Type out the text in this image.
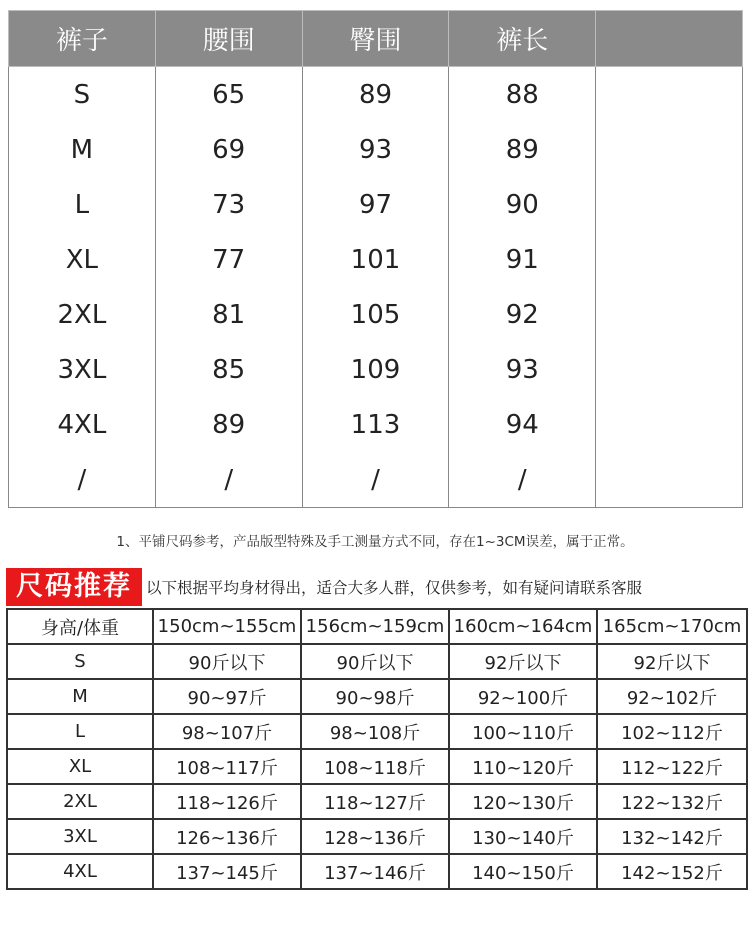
裤子	腰围	臀围	裤长	
S	65	89	88	
M	69	93	89	
L	73	97	90	
XL	77	101	91	
2XL	81	105	92	
3XL	85	109	93	
4XL	89	113	94	
/	/	/	/	
1、平铺尺码参考，产品版型特殊及手工测量方式不同，存在1~3CM误差，属于正常。
尺码推荐 以下根据平均身材得出，适合大多人群，仅供参考，如有疑问请联系客服
身高/体重	150cm~155cm	156cm~159cm	160cm~164cm	165cm~170cm
S	90斤以下	90斤以下	92斤以下	92斤以下
M	90~97斤	90~98斤	92~100斤	92~102斤
L	98~107斤	98~108斤	100~110斤	102~112斤
XL	108~117斤	108~118斤	110~120斤	112~122斤
2XL	118~126斤	118~127斤	120~130斤	122~132斤
3XL	126~136斤	128~136斤	130~140斤	132~142斤
4XL	137~145斤	137~146斤	140~150斤	142~152斤
